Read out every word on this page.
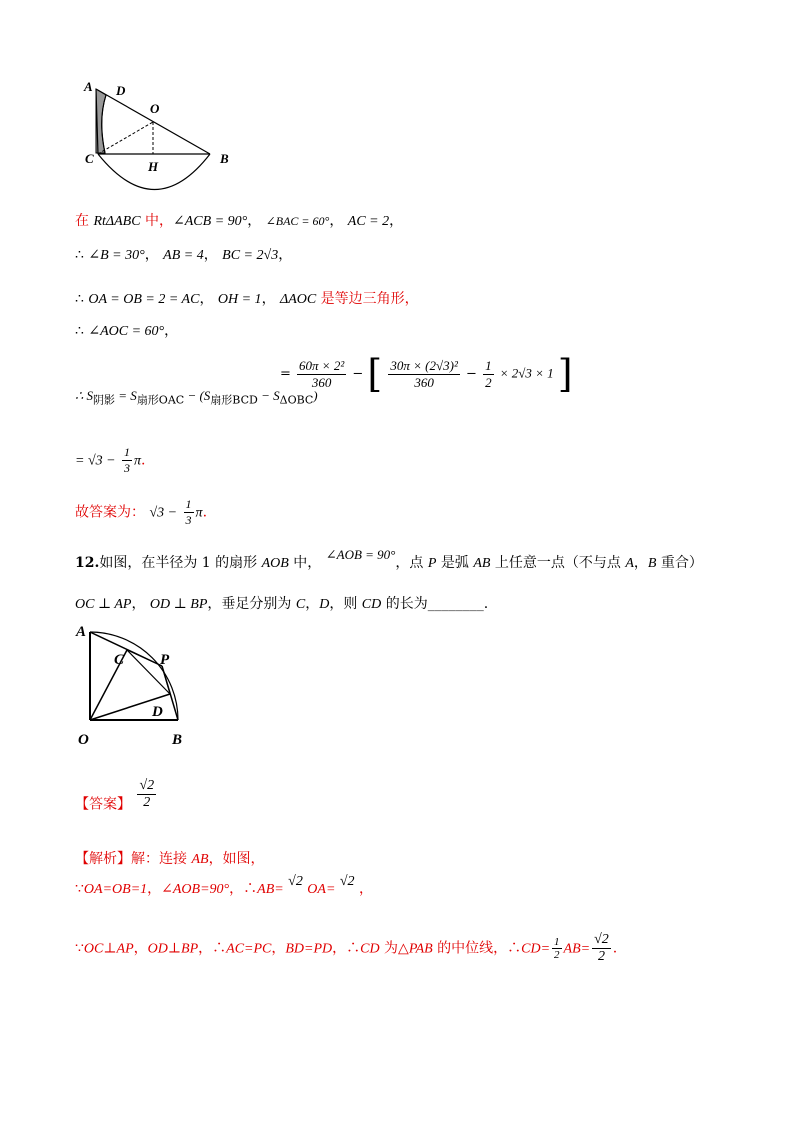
A D
O
C
H
B
在 RtΔABC 中，∠ACB = 90°， ∠BAC = 60°， AC = 2，
∴ ∠B = 30°， AB = 4， BC = 2√3，
∴ OA = OB = 2 = AC， OH = 1， ΔAOC 是等边三角形，
∴ ∠AOC = 60°，
∴ $S_{阴影} = S_{扇形OAC} - (S_{扇形BCD} - S_{\Delta OBC})$
= $\frac{\text{60π × 2²}}{360}$ − [ $\frac{\text{30π × (2√3)²}}{360} - \frac{1}{2} \times 2√3 \times 1$ ]
= $√3 - \frac{1}{3} \pi$.
故答案为： $√3 - \frac{1}{3} \pi$.
12.如图，在半径为 1 的扇形 AOB 中， ∠AOB = 90°，点 P 是弧 AB 上任意一点（不与点 A，B 重合）
OC ⊥ AP， OD ⊥ BP，垂足分别为 C，D，则 CD 的长为________.
A
C P
D
O	B
【答案】 $\frac{√2}{2}$
【解析】解：连接 AB，如图，
∵OA=OB=1，∠AOB=90°，∴AB= √2 OA= √2 ，
∵OC⊥AP，OD⊥BP，∴AC=PC，BD=PD，∴CD 为△PAB 的中位线，∴CD= $\frac{1}{2} AB= \frac{√2}{2}$ .
